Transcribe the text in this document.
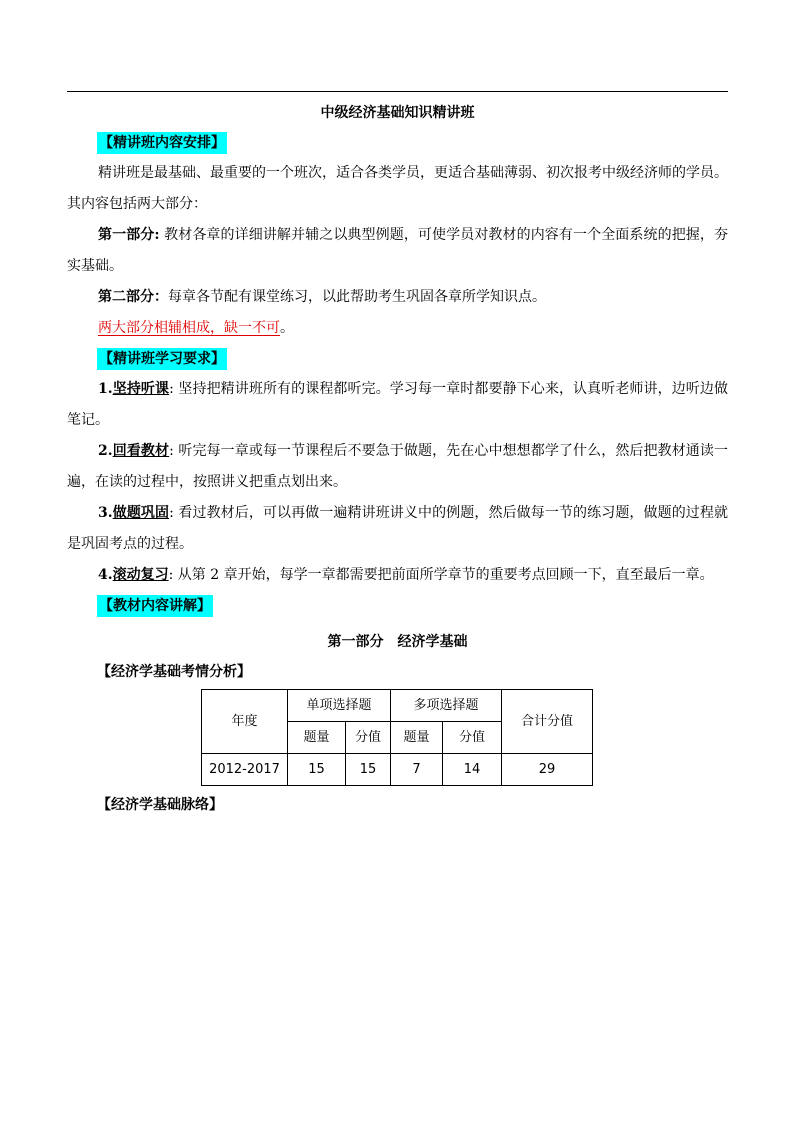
中级经济基础知识精讲班
【精讲班内容安排】

精讲班是最基础、最重要的一个班次，适合各类学员，更适合基础薄弱、初次报考中级经济师的学员。其内容包括两大部分：

第一部分: 教材各章的详细讲解并辅之以典型例题，可使学员对教材的内容有一个全面系统的把握，夯实基础。

第二部分：每章各节配有课堂练习，以此帮助考生巩固各章所学知识点。

两大部分相辅相成，缺一不可。

【精讲班学习要求】

1.坚持听课: 坚持把精讲班所有的课程都听完。学习每一章时都要静下心来，认真听老师讲，边听边做笔记。

2.回看教材: 听完每一章或每一节课程后不要急于做题，先在心中想想都学了什么，然后把教材通读一遍，在读的过程中，按照讲义把重点划出来。

3.做题巩固: 看过教材后，可以再做一遍精讲班讲义中的例题，然后做每一节的练习题，做题的过程就是巩固考点的过程。

4.滚动复习: 从第 2 章开始，每学一章都需要把前面所学章节的重要考点回顾一下，直至最后一章。

【教材内容讲解】
第一部分　经济学基础
【经济学基础考情分析】
年度	单项选择题		多项选择题		合计分值
	题量	分值	题量	分值	
2012-2017	15	15	7	14	29
【经济学基础脉络】
